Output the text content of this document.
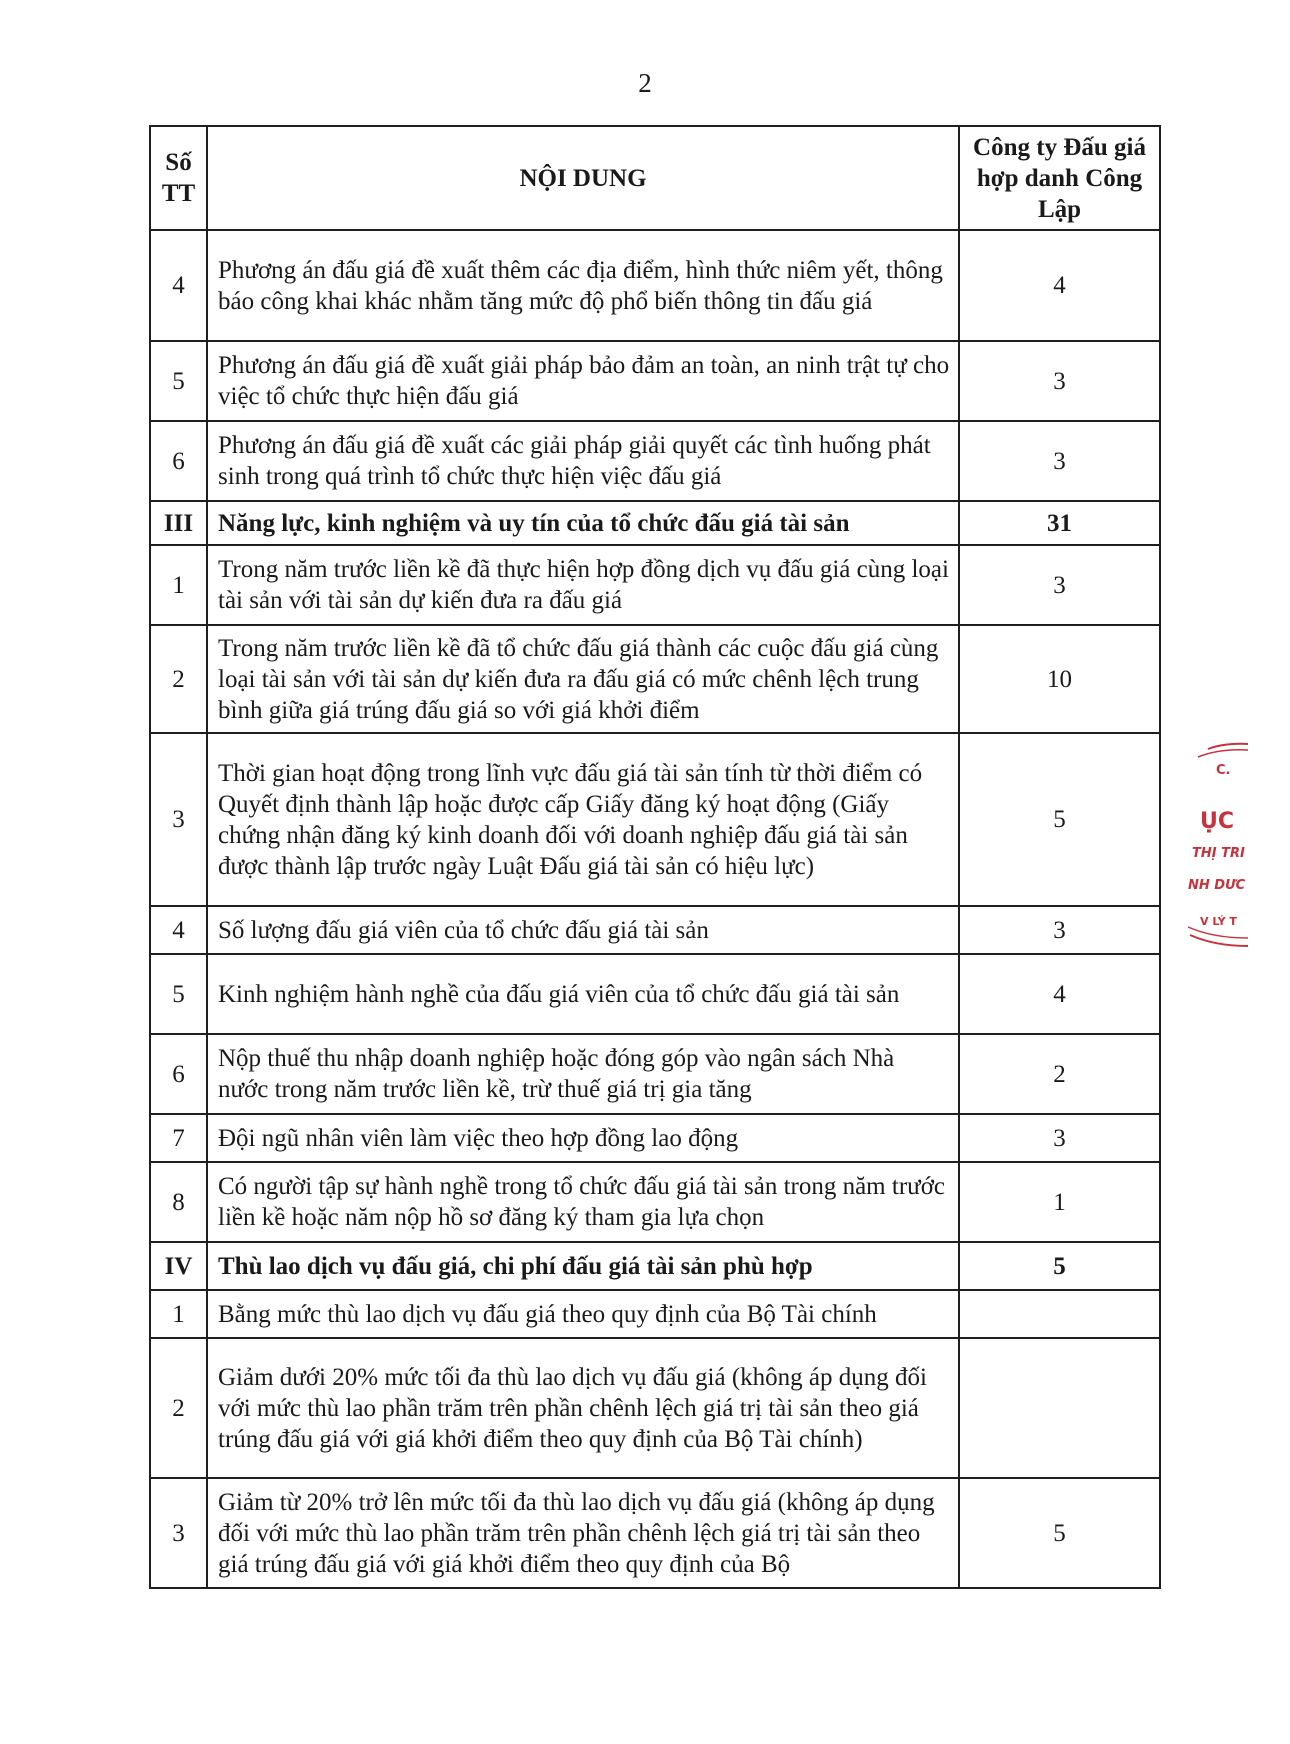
2
Số TT	NỘI DUNG	Công ty Đấu giá hợp danh Công Lập
4	Phương án đấu giá đề xuất thêm các địa điểm, hình thức niêm yết, thông báo công khai khác nhằm tăng mức độ phổ biến thông tin đấu giá	4
5	Phương án đấu giá đề xuất giải pháp bảo đảm an toàn, an ninh trật tự cho việc tổ chức thực hiện đấu giá	3
6	Phương án đấu giá đề xuất các giải pháp giải quyết các tình huống phát sinh trong quá trình tổ chức thực hiện việc đấu giá	3
III	Năng lực, kinh nghiệm và uy tín của tổ chức đấu giá tài sản	31
1	Trong năm trước liền kề đã thực hiện hợp đồng dịch vụ đấu giá cùng loại tài sản với tài sản dự kiến đưa ra đấu giá	3
2	Trong năm trước liền kề đã tổ chức đấu giá thành các cuộc đấu giá cùng loại tài sản với tài sản dự kiến đưa ra đấu giá có mức chênh lệch trung bình giữa giá trúng đấu giá so với giá khởi điểm	10
3	Thời gian hoạt động trong lĩnh vực đấu giá tài sản tính từ thời điểm có Quyết định thành lập hoặc được cấp Giấy đăng ký hoạt động (Giấy chứng nhận đăng ký kinh doanh đối với doanh nghiệp đấu giá tài sản được thành lập trước ngày Luật Đấu giá tài sản có hiệu lực)	5
4	Số lượng đấu giá viên của tổ chức đấu giá tài sản	3
5	Kinh nghiệm hành nghề của đấu giá viên của tổ chức đấu giá tài sản	4
6	Nộp thuế thu nhập doanh nghiệp hoặc đóng góp vào ngân sách Nhà nước trong năm trước liền kề, trừ thuế giá trị gia tăng	2
7	Đội ngũ nhân viên làm việc theo hợp đồng lao động	3
8	Có người tập sự hành nghề trong tổ chức đấu giá tài sản trong năm trước liền kề hoặc năm nộp hồ sơ đăng ký tham gia lựa chọn	1
IV	Thù lao dịch vụ đấu giá, chi phí đấu giá tài sản phù hợp	5
1	Bằng mức thù lao dịch vụ đấu giá theo quy định của Bộ Tài chính	
2	Giảm dưới 20% mức tối đa thù lao dịch vụ đấu giá (không áp dụng đối với mức thù lao phần trăm trên phần chênh lệch giá trị tài sản theo giá trúng đấu giá với giá khởi điểm theo quy định của Bộ Tài chính)	
3	Giảm từ 20% trở lên mức tối đa thù lao dịch vụ đấu giá (không áp dụng đối với mức thù lao phần trăm trên phần chênh lệch giá trị tài sản theo giá trúng đấu giá với giá khởi điểm theo quy định của Bộ	5
C.
ỤC
THỊ TRI
NH DƯC
V LÝ T
